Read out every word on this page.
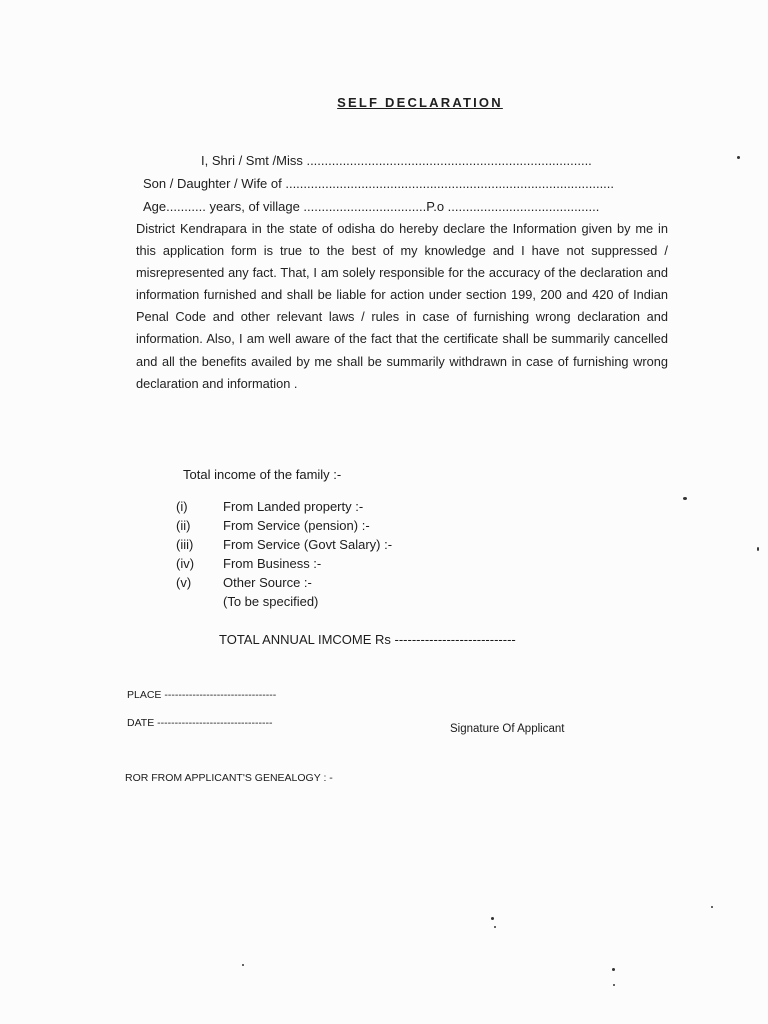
SELF DECLARATION
I, Shri / Smt /Miss ...............................................................................
Son / Daughter / Wife of ...........................................................................................
Age........... years, of village ..................................P.o ..........................................
District Kendrapara in the state of odisha do hereby declare the Information given by me in this application form is true to the best of my knowledge and I have not suppressed / misrepresented any fact. That, I am solely responsible for the accuracy of the declaration and information furnished and shall be liable for action under section 199, 200 and 420 of Indian Penal Code and other relevant laws / rules in case of furnishing wrong declaration and information. Also, I am well aware of the fact that the certificate shall be summarily cancelled and all the benefits availed by me shall be summarily withdrawn in case of furnishing wrong declaration and information .
Total income of the family :-
(i)	From Landed property :-
(ii)	From Service (pension) :-
(iii)	From Service (Govt Salary) :-
(iv)	From Business :-
(v)	Other Source :-
(To be specified)
TOTAL ANNUAL IMCOME Rs ----------------------------
PLACE --------------------------------
DATE ---------------------------------	Signature Of Applicant
ROR FROM APPLICANT'S GENEALOGY : -
